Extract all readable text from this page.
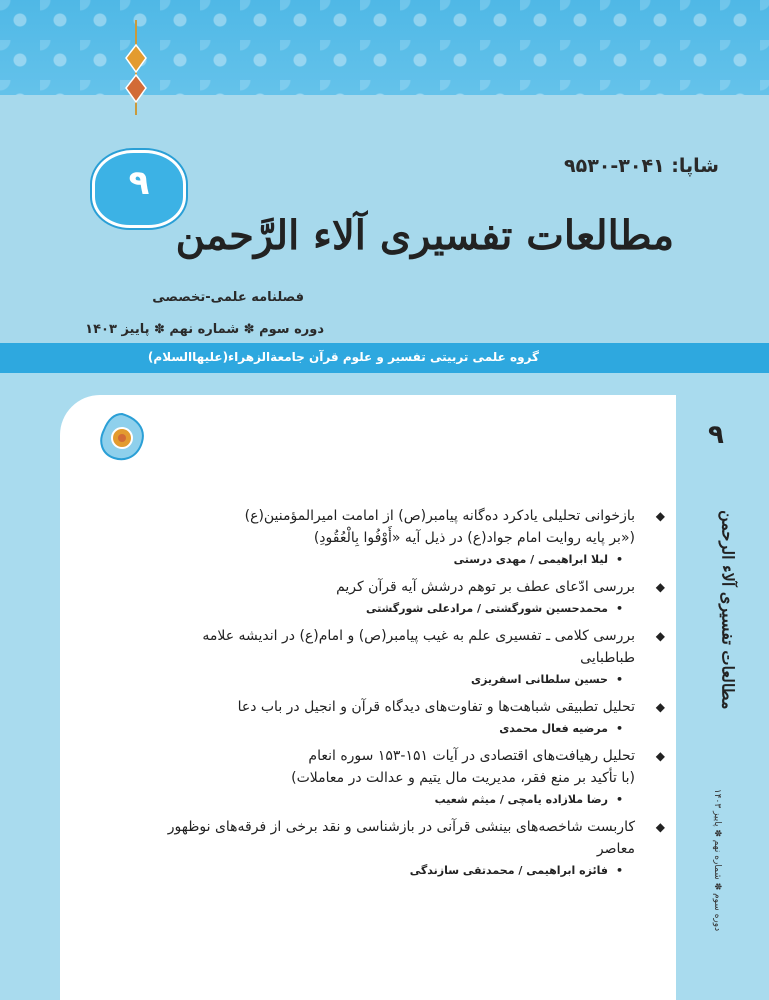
۹	شاپا: ۳۰۴۱-۹۵۳۰
مطالعات تفسیری آلاء الرَّحمن
فصلنامه علمی-تخصصی
دوره سوم ✽ شماره نهم ✽ پاییز ۱۴۰۳
گروه علمی تربیتی تفسیر و علوم قرآن جامعةالزهراء(علیهاالسلام)
۹
مطالعات تفسیری آلاء الرحمن
دوره سوم ✽ شماره نهم ✽ پاییز ۱۴۰۳
◆
بازخوانی تحلیلی یادکرد ده‌گانه پیامبر(ص) از امامت امیرالمؤمنین(ع)
(«بر پایه روایت امام جواد(ع) در ذیل آیه «أَوْفُوا بِالْعُقُودِ)
• لیلا ابراهیمی / مهدی درستی
◆
بررسی ادّعای عطف بر توهم درشش آیه قرآن کریم
• محمدحسین شورگشتی / مرادعلی شورگشتی
◆
بررسی کلامی ـ تفسیری علم به غیب پیامبر(ص) و امام(ع) در اندیشه علامه طباطبایی
• حسین سلطانی اسفریزی
◆
تحلیل تطبیقی شباهت‌ها و تفاوت‌های دیدگاه قرآن و انجیل در باب دعا
• مرضیه فعال محمدی
◆
تحلیل رهیافت‌های اقتصادی در آیات ۱۵۱-۱۵۳ سوره انعام
(با تأکید بر منع فقر، مدیریت مال یتیم و عدالت در معاملات)
• رضا ملازاده یامچی / میثم شعیب
◆
کاربست شاخصه‌های بینشی قرآنی در بازشناسی و نقد برخی از فرقه‌های نوظهور معاصر
• فائزه ابراهیمی / محمدتقی سازندگی
